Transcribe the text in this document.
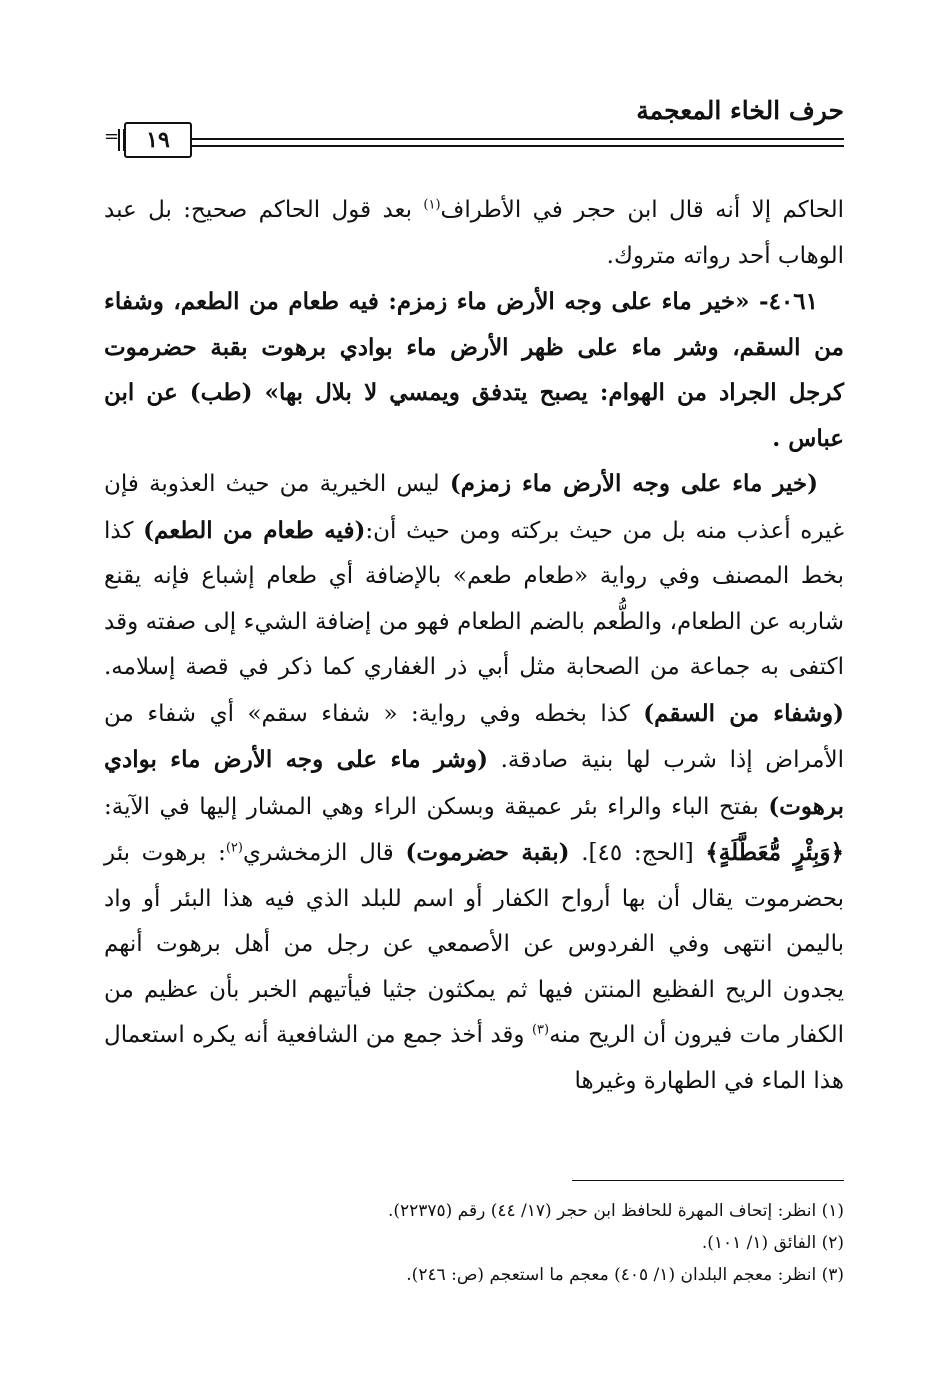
حرف الخاء المعجمة
١٩
=

الحاكم إلا أنه قال ابن حجر في الأطراف$^{(١)}$ بعد قول الحاكم صحيح: بل عبد الوهاب أحد رواته متروك.

٤٠٦١- «خير ماء على وجه الأرض ماء زمزم: فيه طعام من الطعم، وشفاء من السقم، وشر ماء على ظهر الأرض ماء بوادي برهوت بقبة حضرموت كرجل الجراد من الهوام: يصبح يتدفق ويمسي لا بلال بها» (طب) عن ابن عباس .

(خير ماء على وجه الأرض ماء زمزم) ليس الخيرية من حيث العذوبة فإن غيره أعذب منه بل من حيث بركته ومن حيث أن:(فيه طعام من الطعم) كذا بخط المصنف وفي رواية «طعام طعم» بالإضافة أي طعام إشباع فإنه يقنع شاربه عن الطعام، والطُّعم بالضم الطعام فهو من إضافة الشيء إلى صفته وقد اكتفى به جماعة من الصحابة مثل أبي ذر الغفاري كما ذكر في قصة إسلامه. (وشفاء من السقم) كذا بخطه وفي رواية: « شفاء سقم» أي شفاء من الأمراض إذا شرب لها بنية صادقة. (وشر ماء على وجه الأرض ماء بوادي برهوت) بفتح الباء والراء بئر عميقة وبسكن الراء وهي المشار إليها في الآية: ﴿وَبِئْرٍ مُّعَطَّلَةٍ﴾ [الحج: ٤٥]. (بقبة حضرموت) قال الزمخشري$^{(٢)}$: برهوت بئر بحضرموت يقال أن بها أرواح الكفار أو اسم للبلد الذي فيه هذا البئر أو واد باليمن انتهى وفي الفردوس عن الأصمعي عن رجل من أهل برهوت أنهم يجدون الريح الفظيع المنتن فيها ثم يمكثون جثيا فيأتيهم الخبر بأن عظيم من الكفار مات فيرون أن الريح منه$^{(٣)}$ وقد أخذ جمع من الشافعية أنه يكره استعمال هذا الماء في الطهارة وغيرها

(١) انظر: إتحاف المهرة للحافظ ابن حجر (١٧/ ٤٤) رقم (٢٢٣٧٥).
(٢) الفائق (١/ ١٠١).
(٣) انظر: معجم البلدان (١/ ٤٠٥) معجم ما استعجم (ص: ٢٤٦).
